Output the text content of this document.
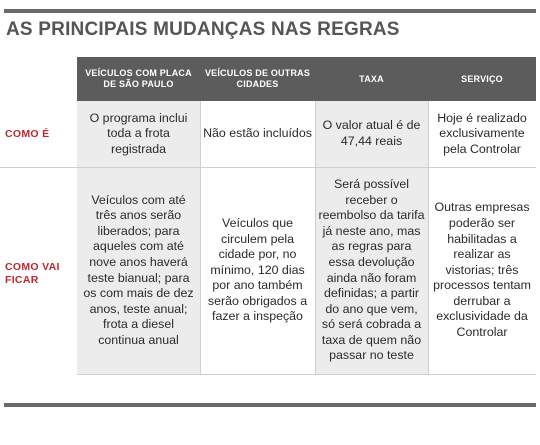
AS PRINCIPAIS MUDANÇAS NAS REGRAS
VEÍCULOS COM PLACA DE SÃO PAULO
VEÍCULOS DE OUTRAS CIDADES
TAXA	SERVIÇO
COMO É
COMO VAI FICAR
O programa inclui toda a frota registrada
Não estão incluídos
O valor atual é de 47,44 reais
Hoje é realizado exclusivamente pela Controlar
Veículos com até três anos serão liberados; para aqueles com até nove anos haverá teste bianual; para os com mais de dez anos, teste anual; frota a diesel continua anual
Veículos que circulem pela cidade por, no mínimo, 120 dias por ano também serão obrigados a fazer a inspeção
Será possível receber o reembolso da tarifa já neste ano, mas as regras para essa devolução ainda não foram definidas; a partir do ano que vem, só será cobrada a taxa de quem não passar no teste
Outras empresas poderão ser habilitadas a realizar as vistorias; três processos tentam derrubar a exclusividade da Controlar
